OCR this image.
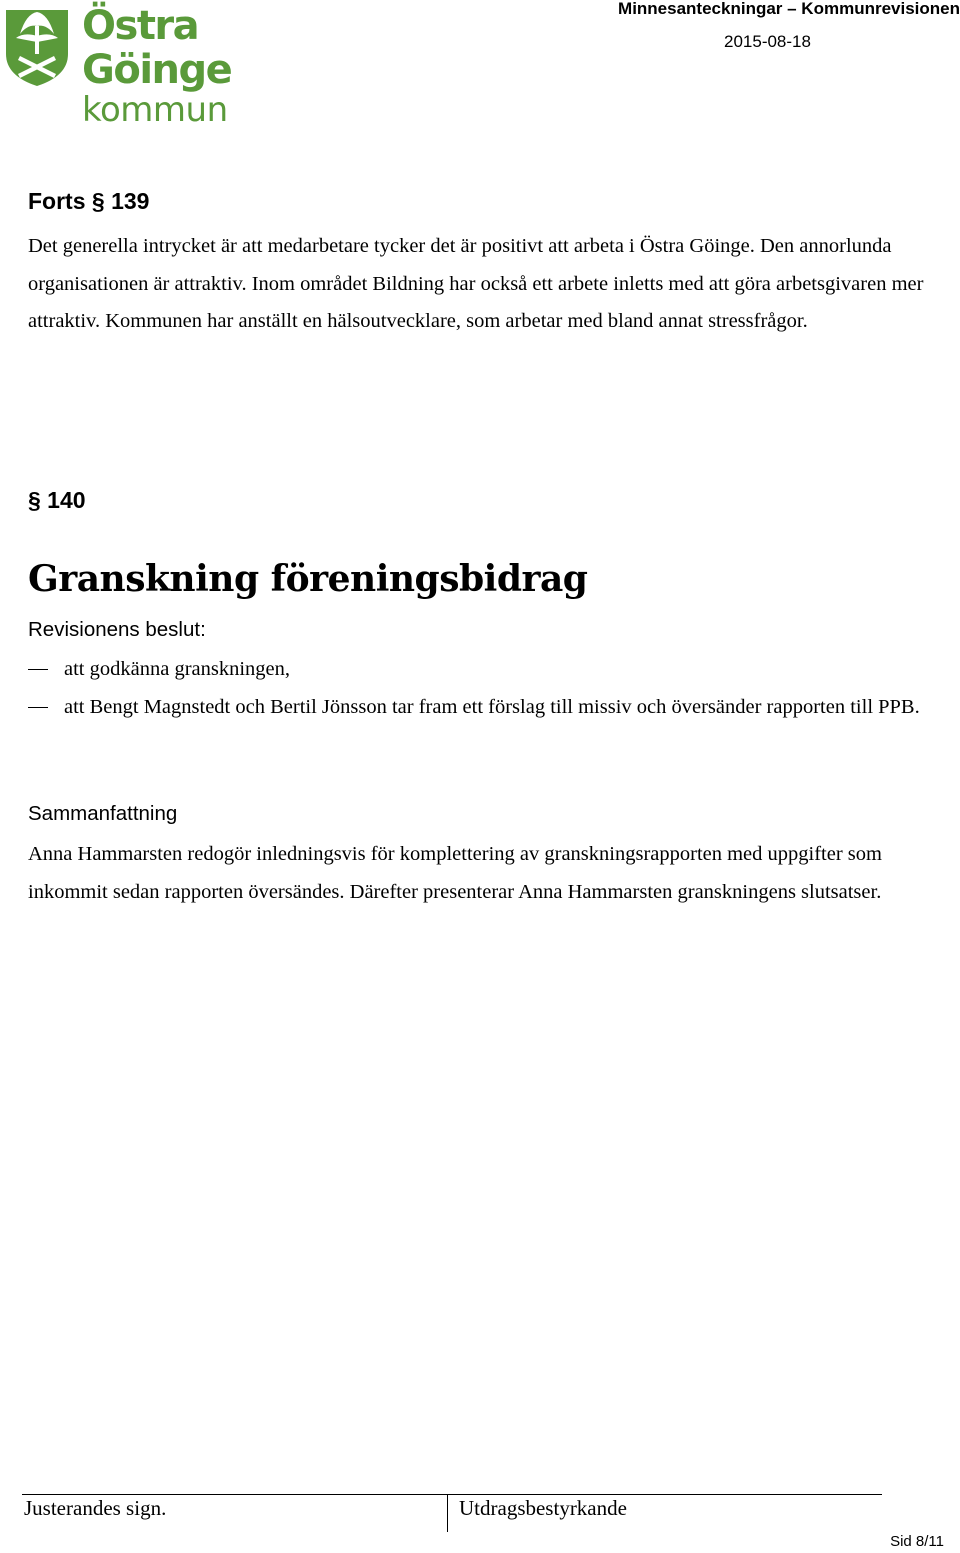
Östra Göinge
kommun
Minnesanteckningar – Kommunrevisionen
2015-08-18
Forts § 139
Det generella intrycket är att medarbetare tycker det är positivt att arbeta i Östra Göinge. Den annorlunda organisationen är attraktiv. Inom området Bildning har också ett arbete inletts med att göra arbetsgivaren mer attraktiv. Kommunen har anställt en hälsoutvecklare, som arbetar med bland annat stressfrågor.
§ 140
Granskning föreningsbidrag
Revisionens beslut:
att godkänna granskningen,
att Bengt Magnstedt och Bertil Jönsson tar fram ett förslag till missiv och översänder rapporten till PPB.
Sammanfattning
Anna Hammarsten redogör inledningsvis för komplettering av granskningsrapporten med uppgifter som inkommit sedan rapporten översändes. Därefter presenterar Anna Hammarsten granskningens slutsatser.
Justerandes sign.	Utdragsbestyrkande
Sid 8/11
